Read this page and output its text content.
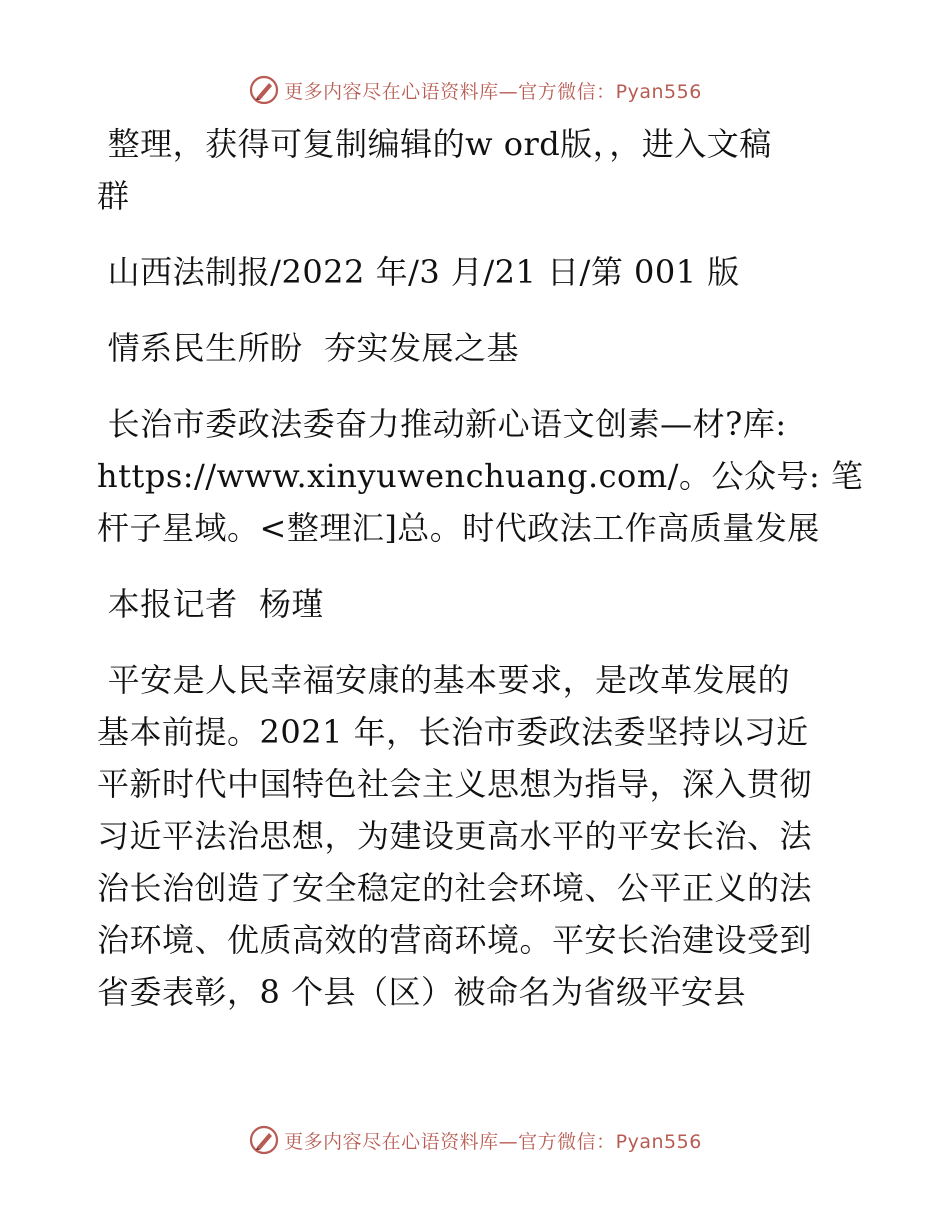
更多内容尽在心语资料库—官方微信：Pyan556
整理，获得可复制编辑的w ord版，，进入文稿
群
山西法制报/2022 年/3 月/21 日/第 001 版
情系民生所盼  夯实发展之基
长治市委政法委奋力推动新心语文创素—材?库:
https://www.xinyuwenchuang.com/。公众号: 笔
杆子星域。<整理汇]总。时代政法工作高质量发展
本报记者  杨瑾
平安是人民幸福安康的基本要求，是改革发展的
基本前提。2021 年，长治市委政法委坚持以习近
平新时代中国特色社会主义思想为指导，深入贯彻
习近平法治思想，为建设更高水平的平安长治、法
治长治创造了安全稳定的社会环境、公平正义的法
治环境、优质高效的营商环境。平安长治建设受到
省委表彰，8 个县（区）被命名为省级平安县
更多内容尽在心语资料库—官方微信：Pyan556
